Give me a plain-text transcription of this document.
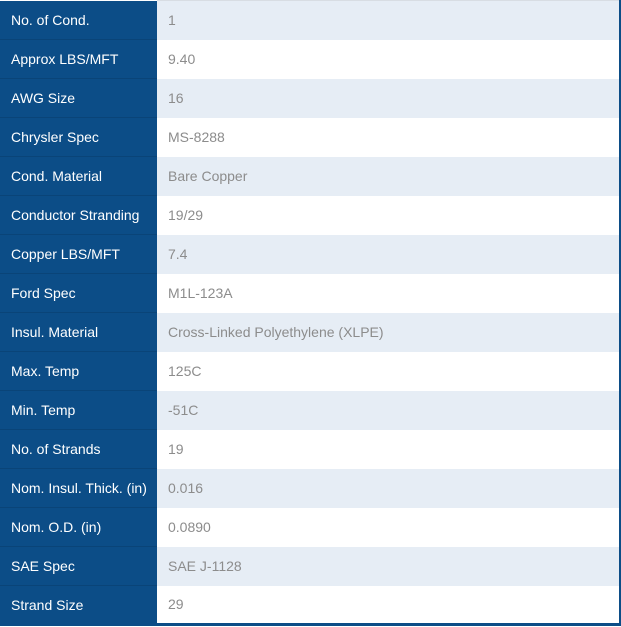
No. of Cond.	1
Approx LBS/MFT	9.40
AWG Size	16
Chrysler Spec	MS-8288
Cond. Material	Bare Copper
Conductor Stranding	19/29
Copper LBS/MFT	7.4
Ford Spec	M1L-123A
Insul. Material	Cross-Linked Polyethylene (XLPE)
Max. Temp	125C
Min. Temp	-51C
No. of Strands	19
Nom. Insul. Thick. (in)	0.016
Nom. O.D. (in)	0.0890
SAE Spec	SAE J-1128
Strand Size	29
